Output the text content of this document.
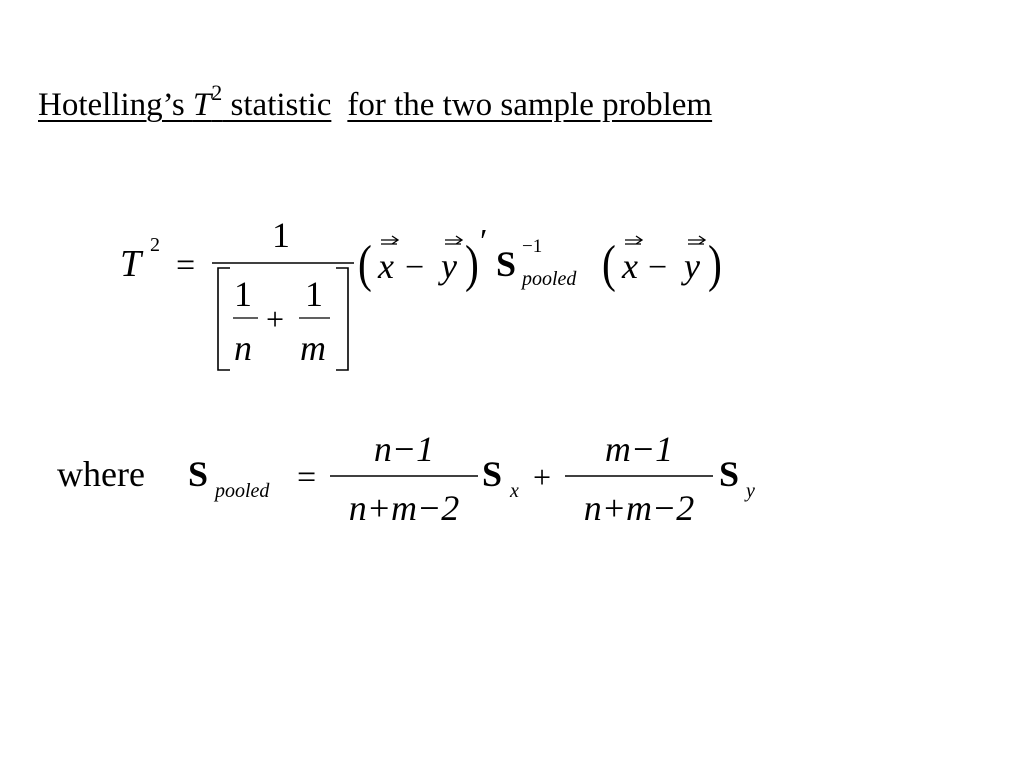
Hotelling’s $T^2$ statistic for the two sample problem
T 2
=
1
1
n
+
1
m
( x − y ) ′
S −1
pooled ( x − y )
where S pooled =
n−1
n+m−2
S x +
m−1
n+m−2
S y
